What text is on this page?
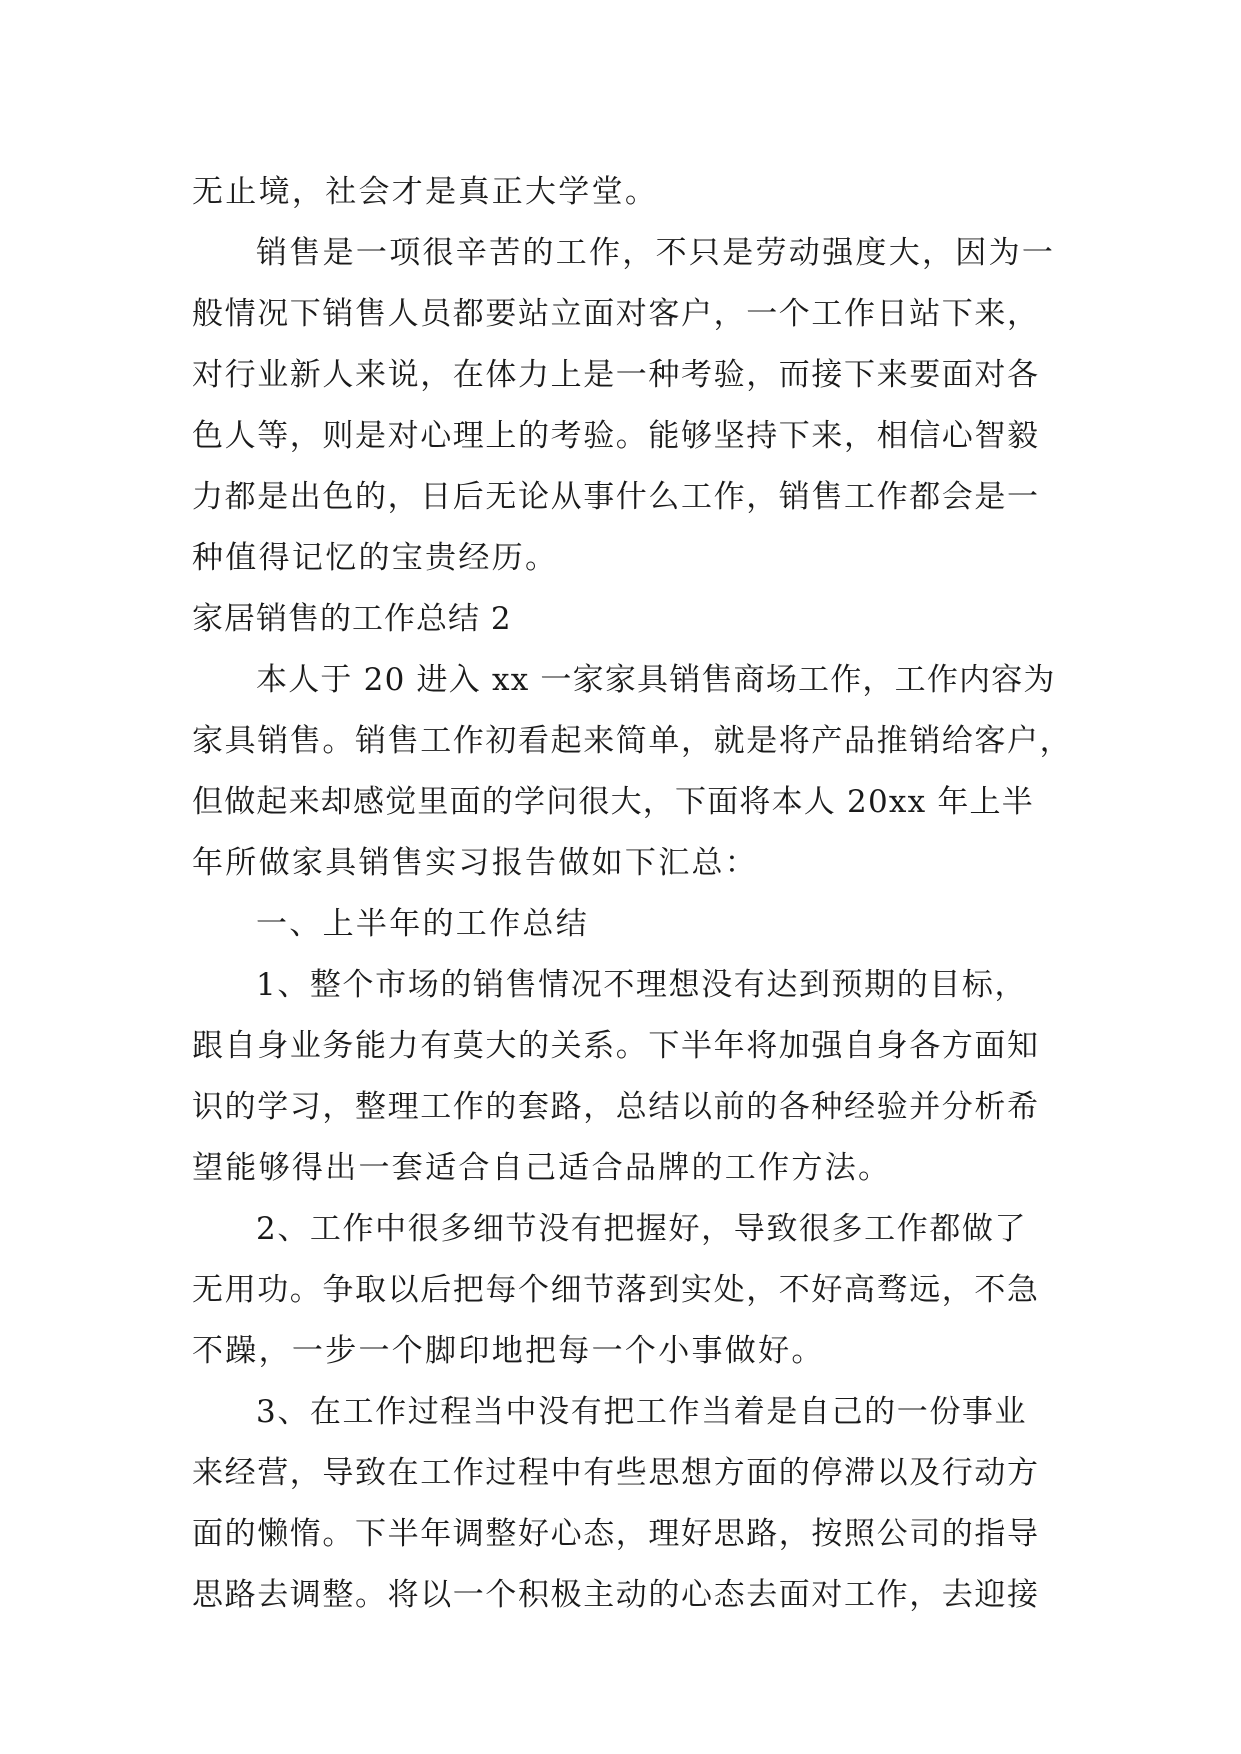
无止境，社会才是真正大学堂。
销售是一项很辛苦的工作，不只是劳动强度大，因为一
般情况下销售人员都要站立面对客户，一个工作日站下来，
对行业新人来说，在体力上是一种考验，而接下来要面对各
色人等，则是对心理上的考验。能够坚持下来，相信心智毅
力都是出色的，日后无论从事什么工作，销售工作都会是一
种值得记忆的宝贵经历。
家居销售的工作总结 2
本人于 20 进入 xx 一家家具销售商场工作，工作内容为
家具销售。销售工作初看起来简单，就是将产品推销给客户，
但做起来却感觉里面的学问很大，下面将本人 20xx 年上半
年所做家具销售实习报告做如下汇总：
一、上半年的工作总结
1、整个市场的销售情况不理想没有达到预期的目标，
跟自身业务能力有莫大的关系。下半年将加强自身各方面知
识的学习，整理工作的套路，总结以前的各种经验并分析希
望能够得出一套适合自己适合品牌的工作方法。
2、工作中很多细节没有把握好，导致很多工作都做了
无用功。争取以后把每个细节落到实处，不好高骛远，不急
不躁，一步一个脚印地把每一个小事做好。
3、在工作过程当中没有把工作当着是自己的一份事业
来经营，导致在工作过程中有些思想方面的停滞以及行动方
面的懒惰。下半年调整好心态，理好思路，按照公司的指导
思路去调整。将以一个积极主动的心态去面对工作，去迎接
